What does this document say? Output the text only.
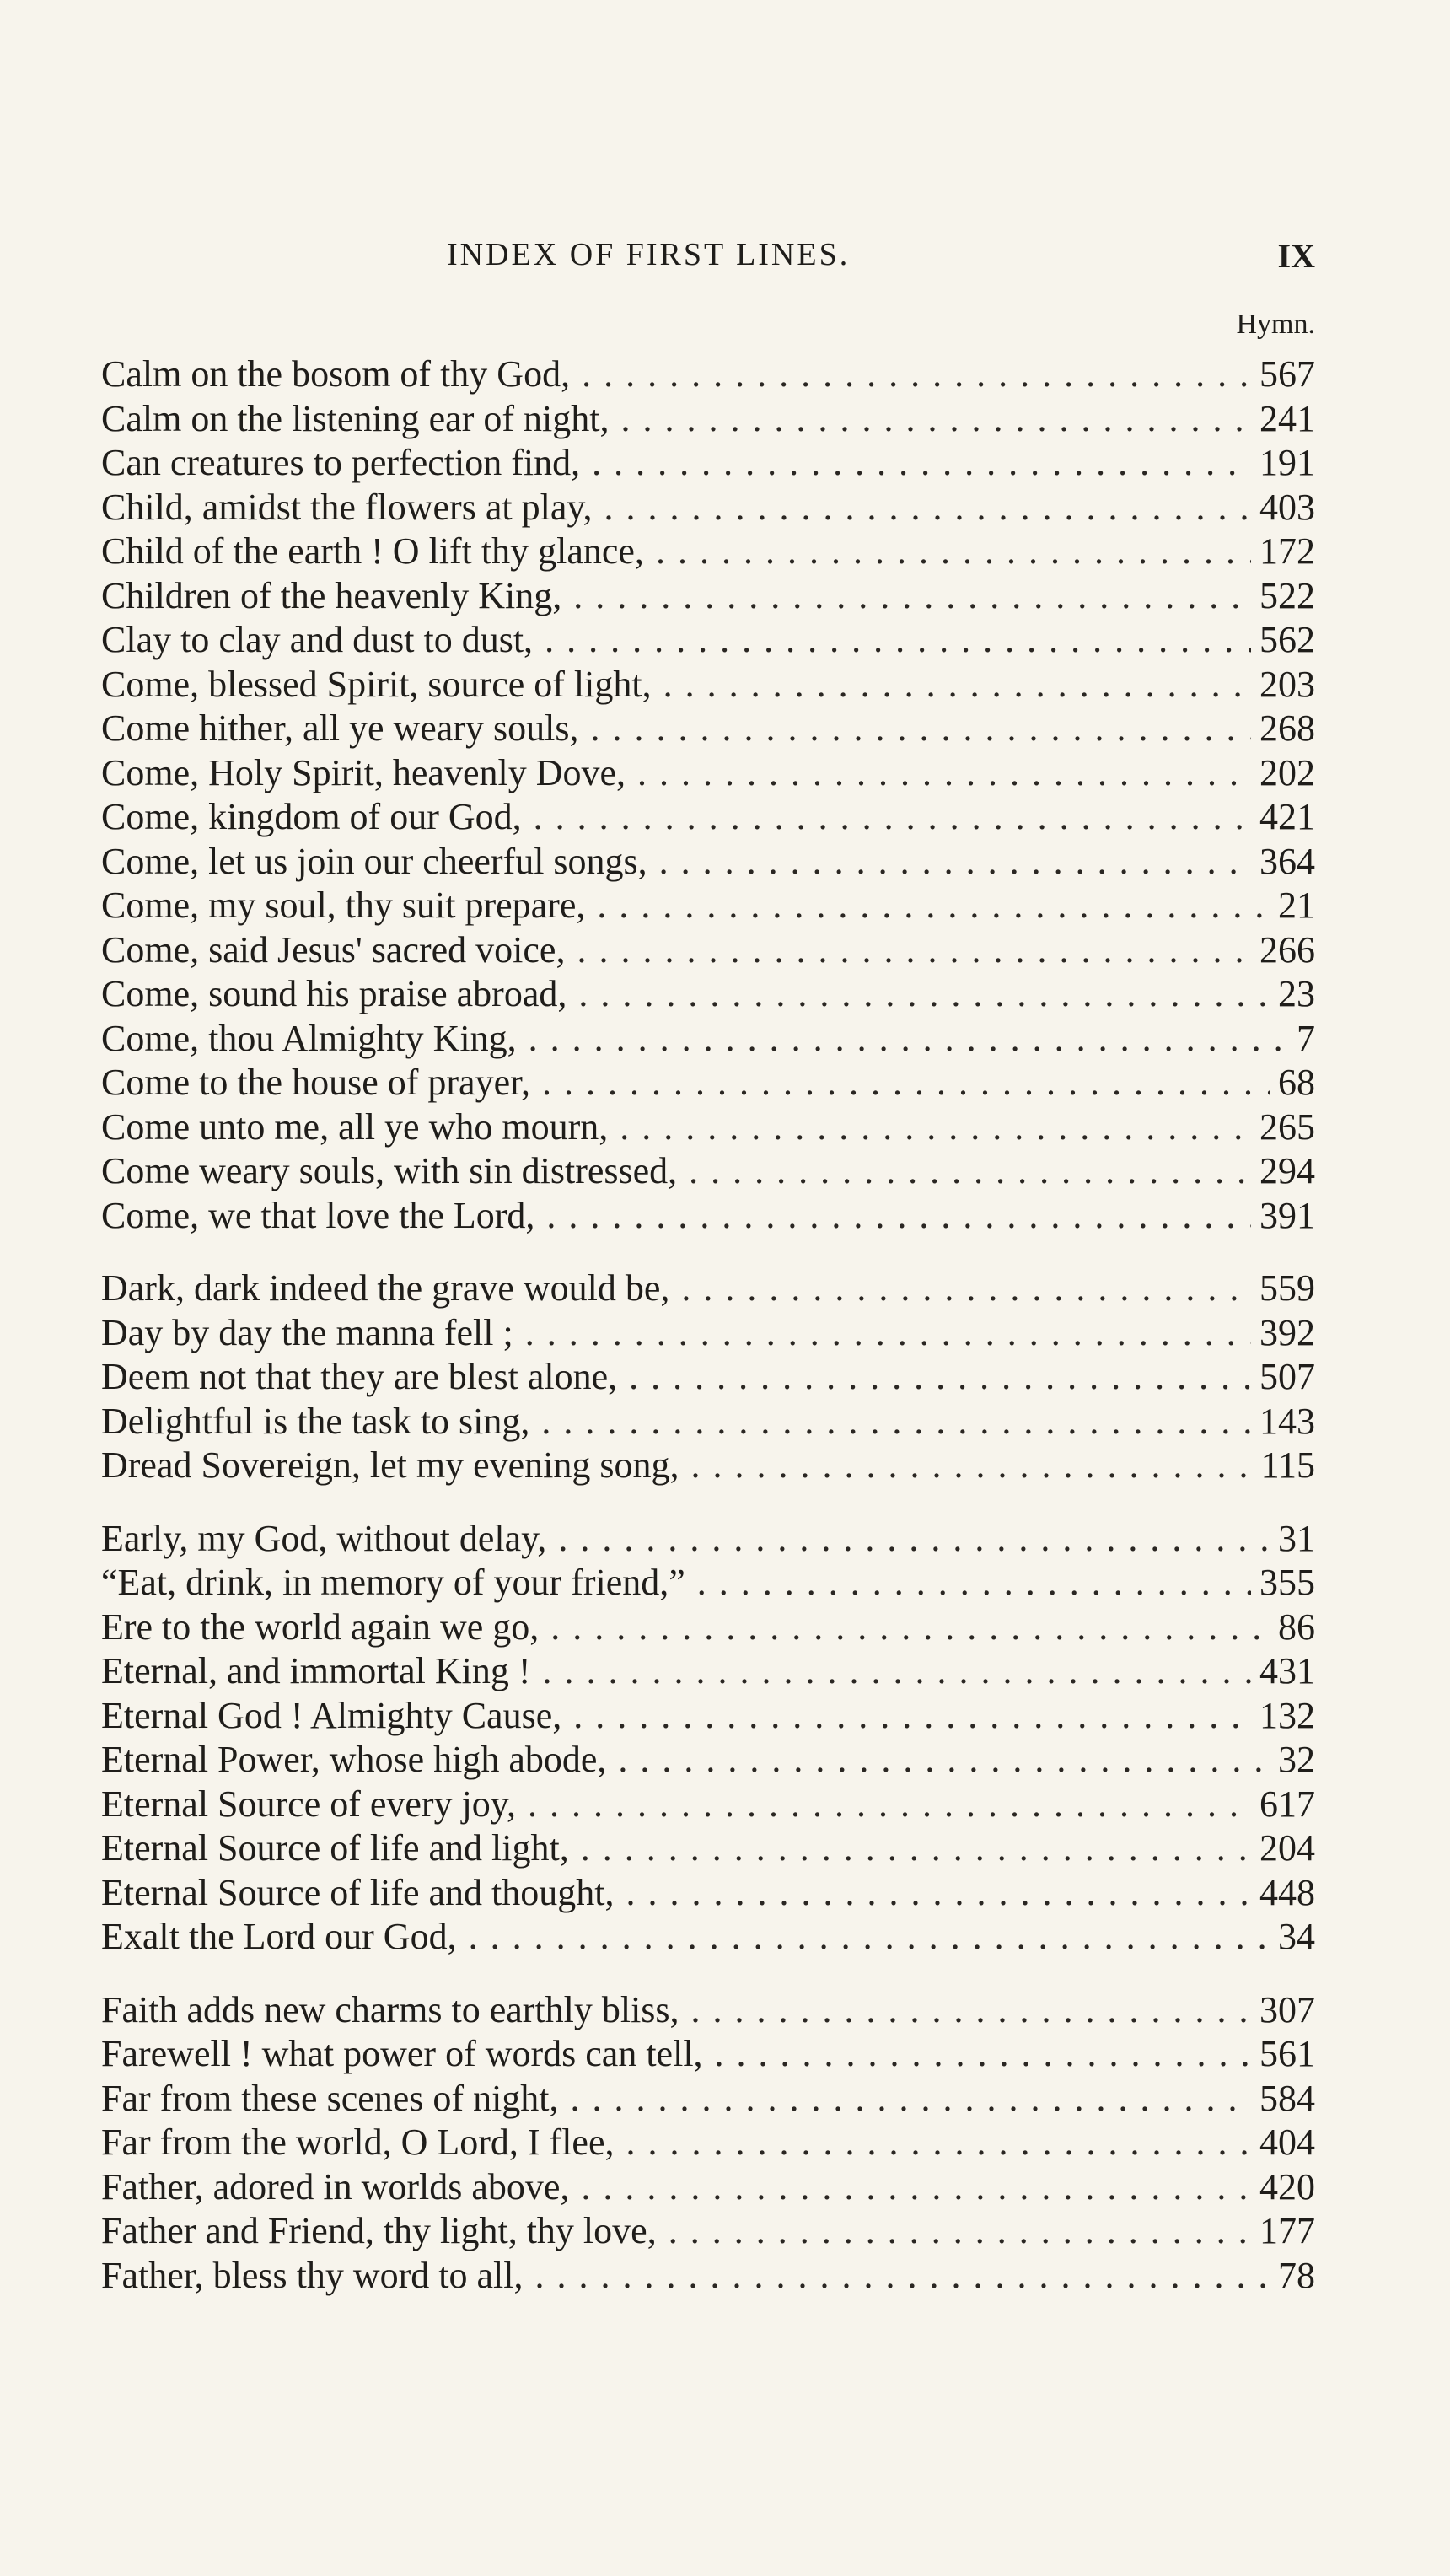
INDEX OF FIRST LINES.	IX
Hymn.
Calm on the bosom of thy God, . . .	567
Calm on the listening ear of night, . . .	241
Can creatures to perfection find, . . .	191
Child, amidst the flowers at play, . . .	403
Child of the earth ! O lift thy glance, . . .	172
Children of the heavenly King, . . .	522
Clay to clay and dust to dust, . . .	562
Come, blessed Spirit, source of light, . . .	203
Come hither, all ye weary souls, . . .	268
Come, Holy Spirit, heavenly Dove, . . .	202
Come, kingdom of our God, . . .	421
Come, let us join our cheerful songs, . . .	364
Come, my soul, thy suit prepare, . . .	21
Come, said Jesus' sacred voice, . . .	266
Come, sound his praise abroad, . . .	23
Come, thou Almighty King, . . .	7
Come to the house of prayer, . . .	68
Come unto me, all ye who mourn, . . .	265
Come weary souls, with sin distressed, . . .	294
Come, we that love the Lord, . . .	391
Dark, dark indeed the grave would be, . . .	559
Day by day the manna fell ; . . .	392
Deem not that they are blest alone, . . .	507
Delightful is the task to sing, . . .	143
Dread Sovereign, let my evening song, . . .	115
Early, my God, without delay, . . .	31
“Eat, drink, in memory of your friend,” . . .	355
Ere to the world again we go, . . .	86
Eternal, and immortal King ! . . .	431
Eternal God ! Almighty Cause, . . .	132
Eternal Power, whose high abode, . . .	32
Eternal Source of every joy, . . .	617
Eternal Source of life and light, . . .	204
Eternal Source of life and thought, . . .	448
Exalt the Lord our God, . . .	34
Faith adds new charms to earthly bliss, . . .	307
Farewell ! what power of words can tell, . . .	561
Far from these scenes of night, . . .	584
Far from the world, O Lord, I flee, . . .	404
Father, adored in worlds above, . . .	420
Father and Friend, thy light, thy love, . . .	177
Father, bless thy word to all, . . .	78
